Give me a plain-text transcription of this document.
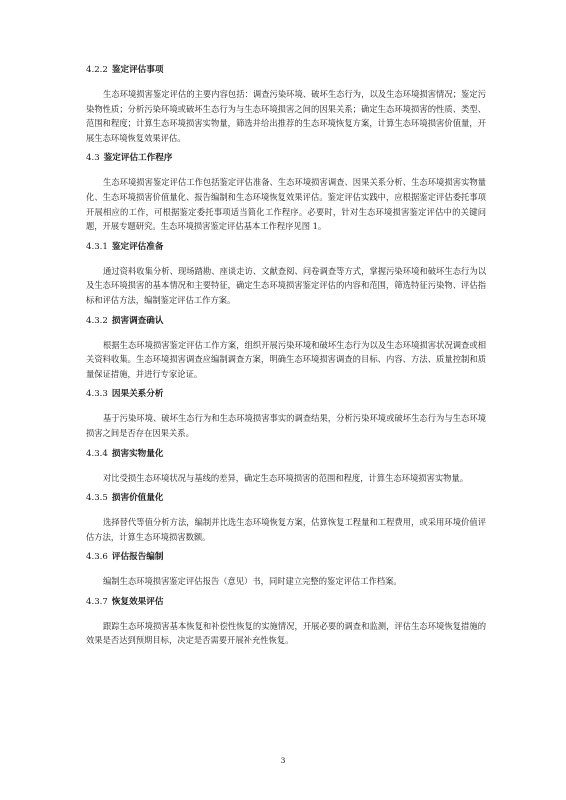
4.2.2 鉴定评估事项

生态环境损害鉴定评估的主要内容包括：调查污染环境、破坏生态行为，以及生态环境损害情况；鉴定污染物性质；分析污染环境或破坏生态行为与生态环境损害之间的因果关系；确定生态环境损害的性质、类型、范围和程度；计算生态环境损害实物量，筛选并给出推荐的生态环境恢复方案，计算生态环境损害价值量，开展生态环境恢复效果评估。

4.3 鉴定评估工作程序

生态环境损害鉴定评估工作包括鉴定评估准备、生态环境损害调查、因果关系分析、生态环境损害实物量化、生态环境损害价值量化、报告编制和生态环境恢复效果评估。鉴定评估实践中，应根据鉴定评估委托事项开展相应的工作，可根据鉴定委托事项适当简化工作程序。必要时，针对生态环境损害鉴定评估中的关键问题，开展专题研究。生态环境损害鉴定评估基本工作程序见图 1。

4.3.1 鉴定评估准备

通过资料收集分析、现场踏勘、座谈走访、文献查阅、问卷调查等方式，掌握污染环境和破坏生态行为以及生态环境损害的基本情况和主要特征，确定生态环境损害鉴定评估的内容和范围，筛选特征污染物、评估指标和评估方法，编制鉴定评估工作方案。

4.3.2 损害调查确认

根据生态环境损害鉴定评估工作方案，组织开展污染环境和破坏生态行为以及生态环境损害状况调查或相关资料收集。生态环境损害调查应编制调查方案，明确生态环境损害调查的目标、内容、方法、质量控制和质量保证措施，并进行专家论证。

4.3.3 因果关系分析

基于污染环境、破坏生态行为和生态环境损害事实的调查结果，分析污染环境或破坏生态行为与生态环境损害之间是否存在因果关系。

4.3.4 损害实物量化

对比受损生态环境状况与基线的差异，确定生态环境损害的范围和程度，计算生态环境损害实物量。

4.3.5 损害价值量化

选择替代等值分析方法，编制并比选生态环境恢复方案，估算恢复工程量和工程费用，或采用环境价值评估方法，计算生态环境损害数额。

4.3.6 评估报告编制

编制生态环境损害鉴定评估报告（意见）书，同时建立完整的鉴定评估工作档案。

4.3.7 恢复效果评估

跟踪生态环境损害基本恢复和补偿性恢复的实施情况，开展必要的调查和监测，评估生态环境恢复措施的效果是否达到预期目标，决定是否需要开展补充性恢复。

3
